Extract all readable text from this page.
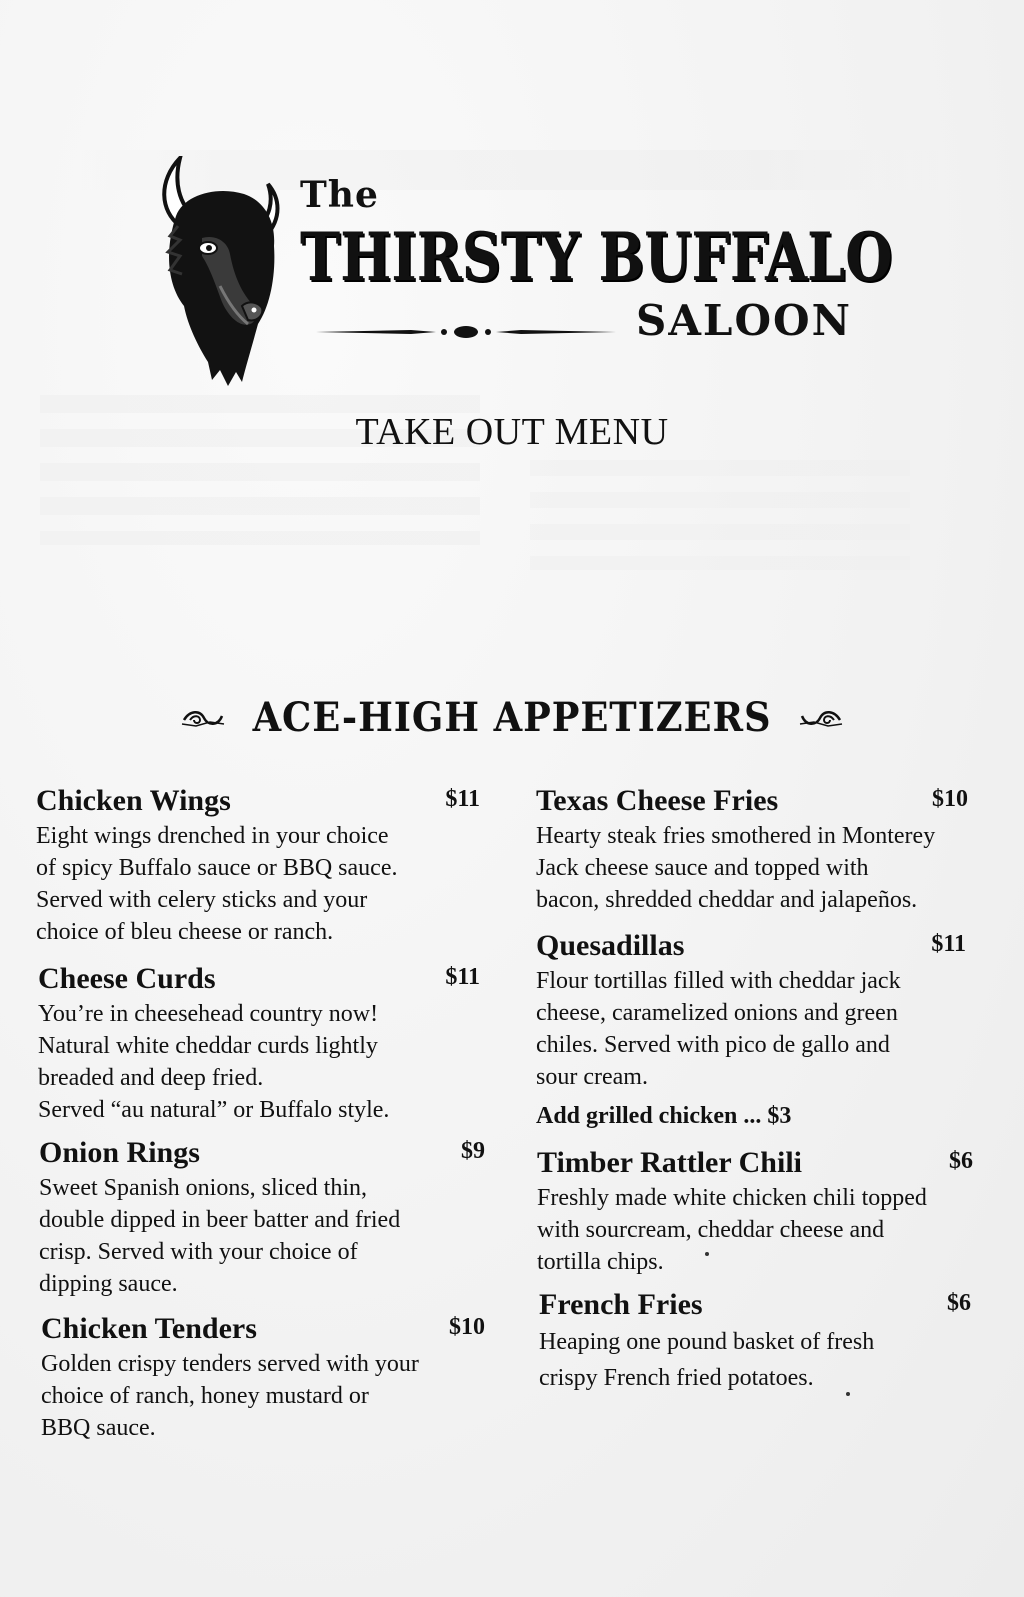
The
THIRSTY BUFFALO
SALOON
TAKE OUT MENU
ACE-HIGH APPETIZERS
Chicken Wings	$11
Eight wings drenched in your choice
of spicy Buffalo sauce or BBQ sauce.
Served with celery sticks and your
choice of bleu cheese or ranch.
Cheese Curds	$11
You’re in cheesehead country now!
Natural white cheddar curds lightly
breaded and deep fried.
Served “au natural” or Buffalo style.
Onion Rings	$9
Sweet Spanish onions, sliced thin,
double dipped in beer batter and fried
crisp. Served with your choice of
dipping sauce.
Chicken Tenders	$10
Golden crispy tenders served with your
choice of ranch, honey mustard or
BBQ sauce.
Texas Cheese Fries	$10
Hearty steak fries smothered in Monterey
Jack cheese sauce and topped with
bacon, shredded cheddar and jalapeños.
Quesadillas	$11
Flour tortillas filled with cheddar jack
cheese, caramelized onions and green
chiles. Served with pico de gallo and
sour cream.
Add grilled chicken ... $3
Timber Rattler Chili	$6
Freshly made white chicken chili topped
with sourcream, cheddar cheese and
tortilla chips.
French Fries	$6
Heaping one pound basket of fresh
crispy French fried potatoes.
